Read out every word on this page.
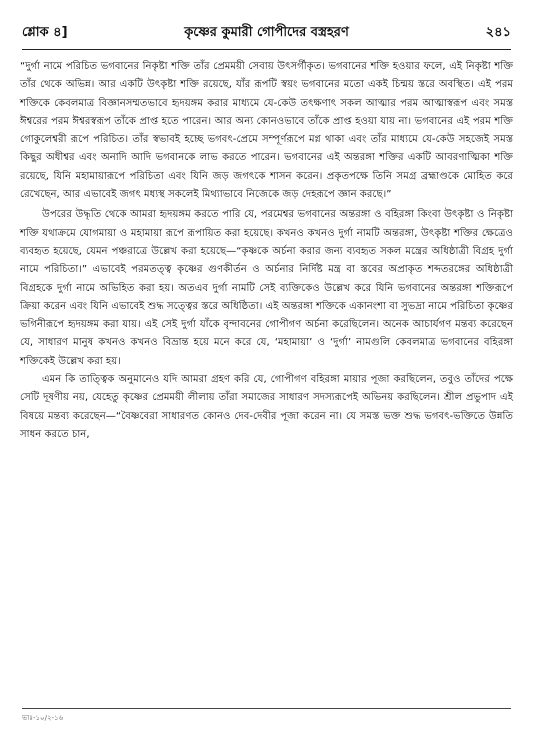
কৃষ্ণের কুমারী গোপীদের বস্ত্রহরণ
শ্লোক ৪]	২৪১

“দুর্গা নামে পরিচিত ভগবানের নিকৃষ্টা শক্তি তাঁর প্রেমময়ী সেবায় উৎসর্গীকৃত। ভগবানের শক্তি হওয়ার ফলে, এই নিকৃষ্টা শক্তি তাঁর থেকে অভিন্ন। আর একটি উৎকৃষ্টা শক্তি রয়েছে, যাঁর রূপটি স্বয়ং ভগবানের মতো একই চিন্ময় স্তরে অবস্থিত। এই পরম শক্তিকে কেবলমাত্র বিজ্ঞানসম্মতভাবে হৃদয়ঙ্গম করার মাধ্যমে যে-কেউ তৎক্ষণাৎ সকল আত্মার পরম আত্মাস্বরূপ এবং সমস্ত ঈশ্বরের পরম ঈশ্বরস্বরূপ তাঁকে প্রাপ্ত হতে পারেন। আর অন্য কোনওভাবে তাঁকে প্রাপ্ত হওয়া যায় না। ভগবানের এই পরম শক্তি গোকুলেশ্বরী রূপে পরিচিত। তাঁর স্বভাবই হচ্ছে ভগবৎ-প্রেমে সম্পূর্ণরূপে মগ্ন থাকা এবং তাঁর মাধ্যমে যে-কেউ সহজেই সমস্ত কিছুর অধীশ্বর এবং অনাদি আদি ভগবানকে লাভ করতে পারেন। ভগবানের এই অন্তরঙ্গা শক্তির একটি আবরণাত্মিকা শক্তি রয়েছে, যিনি মহামায়ারূপে পরিচিতা এবং যিনি জড় জগৎকে শাসন করেন। প্রকৃতপক্ষে তিনি সমগ্র ব্রহ্মাণ্ডকে মোহিত করে রেখেছেন, আর এভাবেই জগৎ মধ্যস্থ সকলেই মিথ্যাভাবে নিজেকে জড় দেহরূপে জ্ঞান করছে।”

উপরের উদ্ধৃতি থেকে আমরা হৃদয়ঙ্গম করতে পারি যে, পরমেশ্বর ভগবানের অন্তরঙ্গা ও বহিরঙ্গা কিংবা উৎকৃষ্টা ও নিকৃষ্টা শক্তি যথাক্রমে যোগমায়া ও মহামায়া রূপে রূপায়িত করা হয়েছে। কখনও কখনও দুর্গা নামটি অন্তরঙ্গা, উৎকৃষ্টা শক্তির ক্ষেত্রেও ব্যবহৃত হয়েছে, যেমন পঞ্চরাত্রে উল্লেখ করা হয়েছে—“কৃষ্ণকে অর্চনা করার জন্য ব্যবহৃত সকল মন্ত্রের অধিষ্ঠাত্রী বিগ্রহ দুর্গা নামে পরিচিতা।” এভাবেই পরমতত্ত্ব কৃষ্ণের গুণকীর্তন ও অর্চনার নির্দিষ্ট মন্ত্র বা স্তবের অপ্রাকৃত শব্দতরঙ্গের অধিষ্ঠাত্রী বিগ্রহকে দুর্গা নামে অভিহিত করা হয়। অতএব দুর্গা নামটি সেই ব্যক্তিকেও উল্লেখ করে যিনি ভগবানের অন্তরঙ্গা শক্তিরূপে ক্রিয়া করেন এবং যিনি এভাবেই শুদ্ধ সত্ত্বের স্তরে অধিষ্ঠিতা। এই অন্তরঙ্গা শক্তিকে একানংশা বা সুভদ্রা নামে পরিচিতা কৃষ্ণের ভগিনীরূপে হৃদয়ঙ্গম করা যায়। এই সেই দুর্গা যাঁকে বৃন্দাবনের গোপীগণ অর্চনা করেছিলেন। অনেক আচার্যগণ মন্তব্য করেছেন যে, সাধারণ মানুষ কখনও কখনও বিভ্রান্ত হয়ে মনে করে যে, ‘মহামায়া’ ও ‘দুর্গা’ নামগুলি কেবলমাত্র ভগবানের বহিরঙ্গা শক্তিকেই উল্লেখ করা হয়।

এমন কি তাত্ত্বিক অনুমানেও যদি আমরা গ্রহণ করি যে, গোপীগণ বহিরঙ্গা মায়ার পূজা করছিলেন, তবুও তাঁদের পক্ষে সেটি দূষণীয় নয়, যেহেতু কৃষ্ণের প্রেমময়ী লীলায় তাঁরা সমাজের সাধারণ সদস্যরূপেই অভিনয় করছিলেন। শ্রীল প্রভুপাদ এই বিষয়ে মন্তব্য করেছেন—“বৈষ্ণবেরা সাধারণত কোনও দেব-দেবীর পূজা করেন না। যে সমস্ত ভক্ত শুদ্ধ ভগবৎ-ভক্তিতে উন্নতি সাধন করতে চান,

ভাঃ-১০/২-১৬
